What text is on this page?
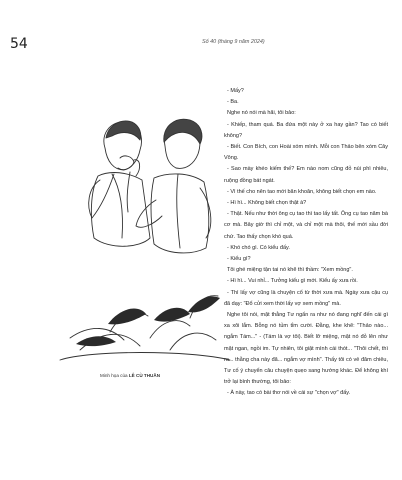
54	Số 40 (tháng 9 năm 2024)
Minh họa của LÊ CÙ THUẦN

- Mấy?

- Ba.

Nghe nó nói mà hãi, tôi bảo:

- Khiếp, tham quá. Ba đứa một này ở xa hay gần? Tao có biết không?

- Biết. Con Bích, con Hoài xóm mình. Mỗi con Thảo bên xóm Cây Vông.

- Sao mày khéo kiếm thế? Em nào nom cũng đỏ núi phì nhiêu, ruộng đồng bát ngát.

- Vì thế cho nên tao mới băn khoăn, không biết chọn em nào.

- Hì hì... Không biết chọn thật à?

- Thật. Nếu như thời ông cụ tao thì tao lấy tất. Ông cụ tao năm bà cơ mà. Bây giờ thì chỉ một, và chỉ một mà thôi, thế mới sầu đời chứ. Tao thấy chọn khó quá.

- Khó chó gì. Có kiểu đấy.

- Kiểu gì?

Tôi ghé miệng tận tai nó khẽ thì thầm: "Xem mồng".

- Hì hì... Vui nhỉ... Tưởng kiểu gì mới. Kiểu ấy xưa rồi.

- Thì lấy vợ cũng là chuyện cổ từ thời xưa mà. Ngày xưa cậu cụ đã dạy: "Đổ cửi xem thời lấy vợ xem mồng" mà.

Nghe tôi nói, mặt thằng Tư ngẩn ra như nó đang nghĩ đến cái gì xa xôi lắm. Bỗng nó tủm tỉm cười. Đằng, khe khẽ: "Thảo nào... ngắm Tám..." - (Tám là vợ tôi). Biết lỡ miệng, mặt nó đỏ lên như mặt ngan, ngồi im. Tự nhiên, tôi giật mình cái thót... "Thôi chết, thì ra... thằng cha này đã... ngắm vợ mình". Thấy tôi có vẻ đăm chiêu, Tư cố ý chuyển câu chuyện quẹo sang hướng khác. Để không khí trở lại bình thường, tôi bảo:

- À này, tao có bài thơ nói về cái sự "chọn vợ" đấy.
